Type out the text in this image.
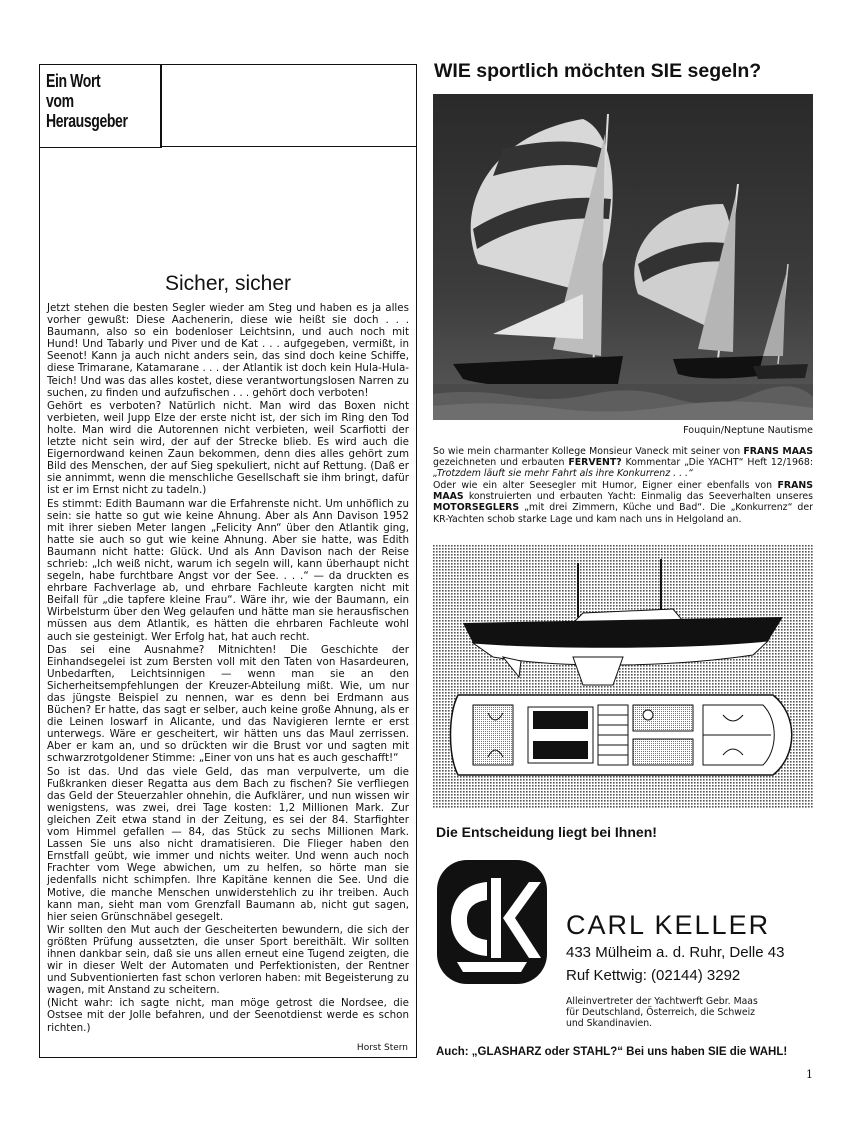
Horst Stern
Ein Wort
vom
Herausgeber
Sicher, sicher

Jetzt stehen die besten Segler wieder am Steg und haben es ja alles vorher gewußt: Diese Aachenerin, diese wie heißt sie doch . . . Baumann, also so ein bodenloser Leichtsinn, und auch noch mit Hund! Und Tabarly und Piver und de Kat . . . aufgegeben, vermißt, in Seenot! Kann ja auch nicht anders sein, das sind doch keine Schiffe, diese Trimarane, Katamarane . . . der Atlantik ist doch kein Hula-Hula-Teich! Und was das alles kostet, diese verantwortungslosen Narren zu suchen, zu finden und aufzufischen . . . gehört doch verboten!

Gehört es verboten? Natürlich nicht. Man wird das Boxen nicht verbieten, weil Jupp Elze der erste nicht ist, der sich im Ring den Tod holte. Man wird die Autorennen nicht verbieten, weil Scarfiotti der letzte nicht sein wird, der auf der Strecke blieb. Es wird auch die Eigernordwand keinen Zaun bekommen, denn dies alles gehört zum Bild des Menschen, der auf Sieg spekuliert, nicht auf Rettung. (Daß er sie annimmt, wenn die menschliche Gesellschaft sie ihm bringt, dafür ist er im Ernst nicht zu tadeln.)

Es stimmt: Edith Baumann war die Erfahrenste nicht. Um unhöflich zu sein: sie hatte so gut wie keine Ahnung. Aber als Ann Davison 1952 mit ihrer sieben Meter langen „Felicity Ann“ über den Atlantik ging, hatte sie auch so gut wie keine Ahnung. Aber sie hatte, was Edith Baumann nicht hatte: Glück. Und als Ann Davison nach der Reise schrieb: „Ich weiß nicht, warum ich segeln will, kann überhaupt nicht segeln, habe furchtbare Angst vor der See. . . .“ — da druckten es ehrbare Fachverlage ab, und ehrbare Fachleute kargten nicht mit Beifall für „die tapfere kleine Frau“. Wäre ihr, wie der Baumann, ein Wirbelsturm über den Weg gelaufen und hätte man sie herausfischen müssen aus dem Atlantik, es hätten die ehrbaren Fachleute wohl auch sie gesteinigt. Wer Erfolg hat, hat auch recht.

Das sei eine Ausnahme? Mitnichten! Die Geschichte der Einhandsegelei ist zum Bersten voll mit den Taten von Hasardeuren, Unbedarften, Leichtsinnigen — wenn man sie an den Sicherheitsempfehlungen der Kreuzer-Abteilung mißt. Wie, um nur das jüngste Beispiel zu nennen, war es denn bei Erdmann aus Büchen? Er hatte, das sagt er selber, auch keine große Ahnung, als er die Leinen loswarf in Alicante, und das Navigieren lernte er erst unterwegs. Wäre er gescheitert, wir hätten uns das Maul zerrissen. Aber er kam an, und so drückten wir die Brust vor und sagten mit schwarzrotgoldener Stimme: „Einer von uns hat es auch geschafft!“

So ist das. Und das viele Geld, das man verpulverte, um die Fußkranken dieser Regatta aus dem Bach zu fischen? Sie verfliegen das Geld der Steuerzahler ohnehin, die Aufklärer, und nun wissen wir wenigstens, was zwei, drei Tage kosten: 1,2 Millionen Mark. Zur gleichen Zeit etwa stand in der Zeitung, es sei der 84. Starfighter vom Himmel gefallen — 84, das Stück zu sechs Millionen Mark. Lassen Sie uns also nicht dramatisieren. Die Flieger haben den Ernstfall geübt, wie immer und nichts weiter. Und wenn auch noch Frachter vom Wege abwichen, um zu helfen, so hörte man sie jedenfalls nicht schimpfen. Ihre Kapitäne kennen die See. Und die Motive, die manche Menschen unwiderstehlich zu ihr treiben. Auch kann man, sieht man vom Grenzfall Baumann ab, nicht gut sagen, hier seien Grünschnäbel gesegelt.

Wir sollten den Mut auch der Gescheiterten bewundern, die sich der größten Prüfung aussetzten, die unser Sport bereithält. Wir sollten ihnen dankbar sein, daß sie uns allen erneut eine Tugend zeigten, die wir in dieser Welt der Automaten und Perfektionisten, der Rentner und Subventionierten fast schon verloren haben: mit Begeisterung zu wagen, mit Anstand zu scheitern.

(Nicht wahr: ich sagte nicht, man möge getrost die Nordsee, die Ostsee mit der Jolle befahren, und der Seenotdienst werde es schon richten.)

WIE sportlich möchten SIE segeln?
Fouquin/Neptune Nautisme
So wie mein charmanter Kollege Monsieur Vaneck mit seiner von FRANS MAAS gezeichneten und erbauten FERVENT? Kommentar „Die YACHT“ Heft 12/1968: „Trotzdem läuft sie mehr Fahrt als ihre Konkurrenz . . .“
Oder wie ein alter Seesegler mit Humor, Eigner einer ebenfalls von FRANS MAAS konstruierten und erbauten Yacht: Einmalig das Seeverhalten unseres MOTORSEGLERS „mit drei Zimmern, Küche und Bad“. Die „Konkurrenz“ der KR-Yachten schob starke Lage und kam nach uns in Helgoland an.
Die Entscheidung liegt bei Ihnen!
CARL KELLER
433 Mülheim a. d. Ruhr, Delle 43
Ruf Kettwig: (02144) 3292
Alleinvertreter der Yachtwerft Gebr. Maas
für Deutschland, Österreich, die Schweiz
und Skandinavien.
Auch: „GLASHARZ oder STAHL?“ Bei uns haben SIE die WAHL!
1
